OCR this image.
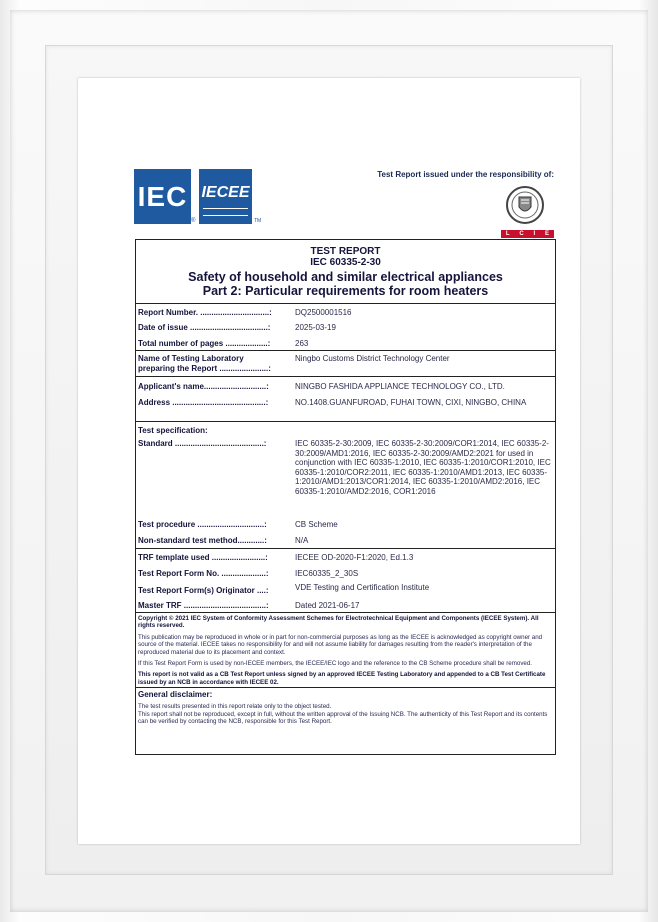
IEC
®
IECEE
TM
Test Report issued under the responsibility of:
L C I E
TEST REPORT
IEC 60335-2-30
Safety of household and similar electrical appliances
Part 2: Particular requirements for room heaters
Report Number. ...............................:	DQ2500001516
Date of issue ...................................:	2025-03-19
Total number of pages ...................:	263
Name of Testing Laboratory
preparing the Report ......................:
Ningbo Customs District Technology Center
Applicant's name............................:	NINGBO FASHIDA APPLIANCE TECHNOLOGY CO., LTD.
Address ..........................................:	NO.1408.GUANFUROAD, FUHAI TOWN, CIXI, NINGBO, CHINA
Test specification:
Standard ........................................:	IEC 60335-2-30:2009, IEC 60335-2-30:2009/COR1:2014, IEC 60335-2-30:2009/AMD1:2016, IEC 60335-2-30:2009/AMD2:2021 for used in conjunction with IEC 60335-1:2010, IEC 60335-1:2010/COR1:2010, IEC 60335-1:2010/COR2:2011, IEC 60335-1:2010/AMD1:2013, IEC 60335-1:2010/AMD1:2013/COR1:2014, IEC 60335-1:2010/AMD2:2016, IEC 60335-1:2010/AMD2:2016, COR1:2016
Test procedure ..............................:	CB Scheme
Non-standard test method............:	N/A
TRF template used ........................:	IECEE OD-2020-F1:2020, Ed.1.3
Test Report Form No. ....................:	IEC60335_2_30S
Test Report Form(s) Originator ....:	VDE Testing and Certification Institute
Master TRF .....................................:	Dated 2021-06-17
Copyright © 2021 IEC System of Conformity Assessment Schemes for Electrotechnical Equipment and Components (IECEE System). All rights reserved.
This publication may be reproduced in whole or in part for non-commercial purposes as long as the IECEE is acknowledged as copyright owner and source of the material. IECEE takes no responsibility for and will not assume liability for damages resulting from the reader's interpretation of the reproduced material due to its placement and context.
If this Test Report Form is used by non-IECEE members, the IECEE/IEC logo and the reference to the CB Scheme procedure shall be removed.
This report is not valid as a CB Test Report unless signed by an approved IECEE Testing Laboratory and appended to a CB Test Certificate issued by an NCB in accordance with IECEE 02.
General disclaimer:
The test results presented in this report relate only to the object tested.
This report shall not be reproduced, except in full, without the written approval of the Issuing NCB. The authenticity of this Test Report and its contents can be verified by contacting the NCB, responsible for this Test Report.
